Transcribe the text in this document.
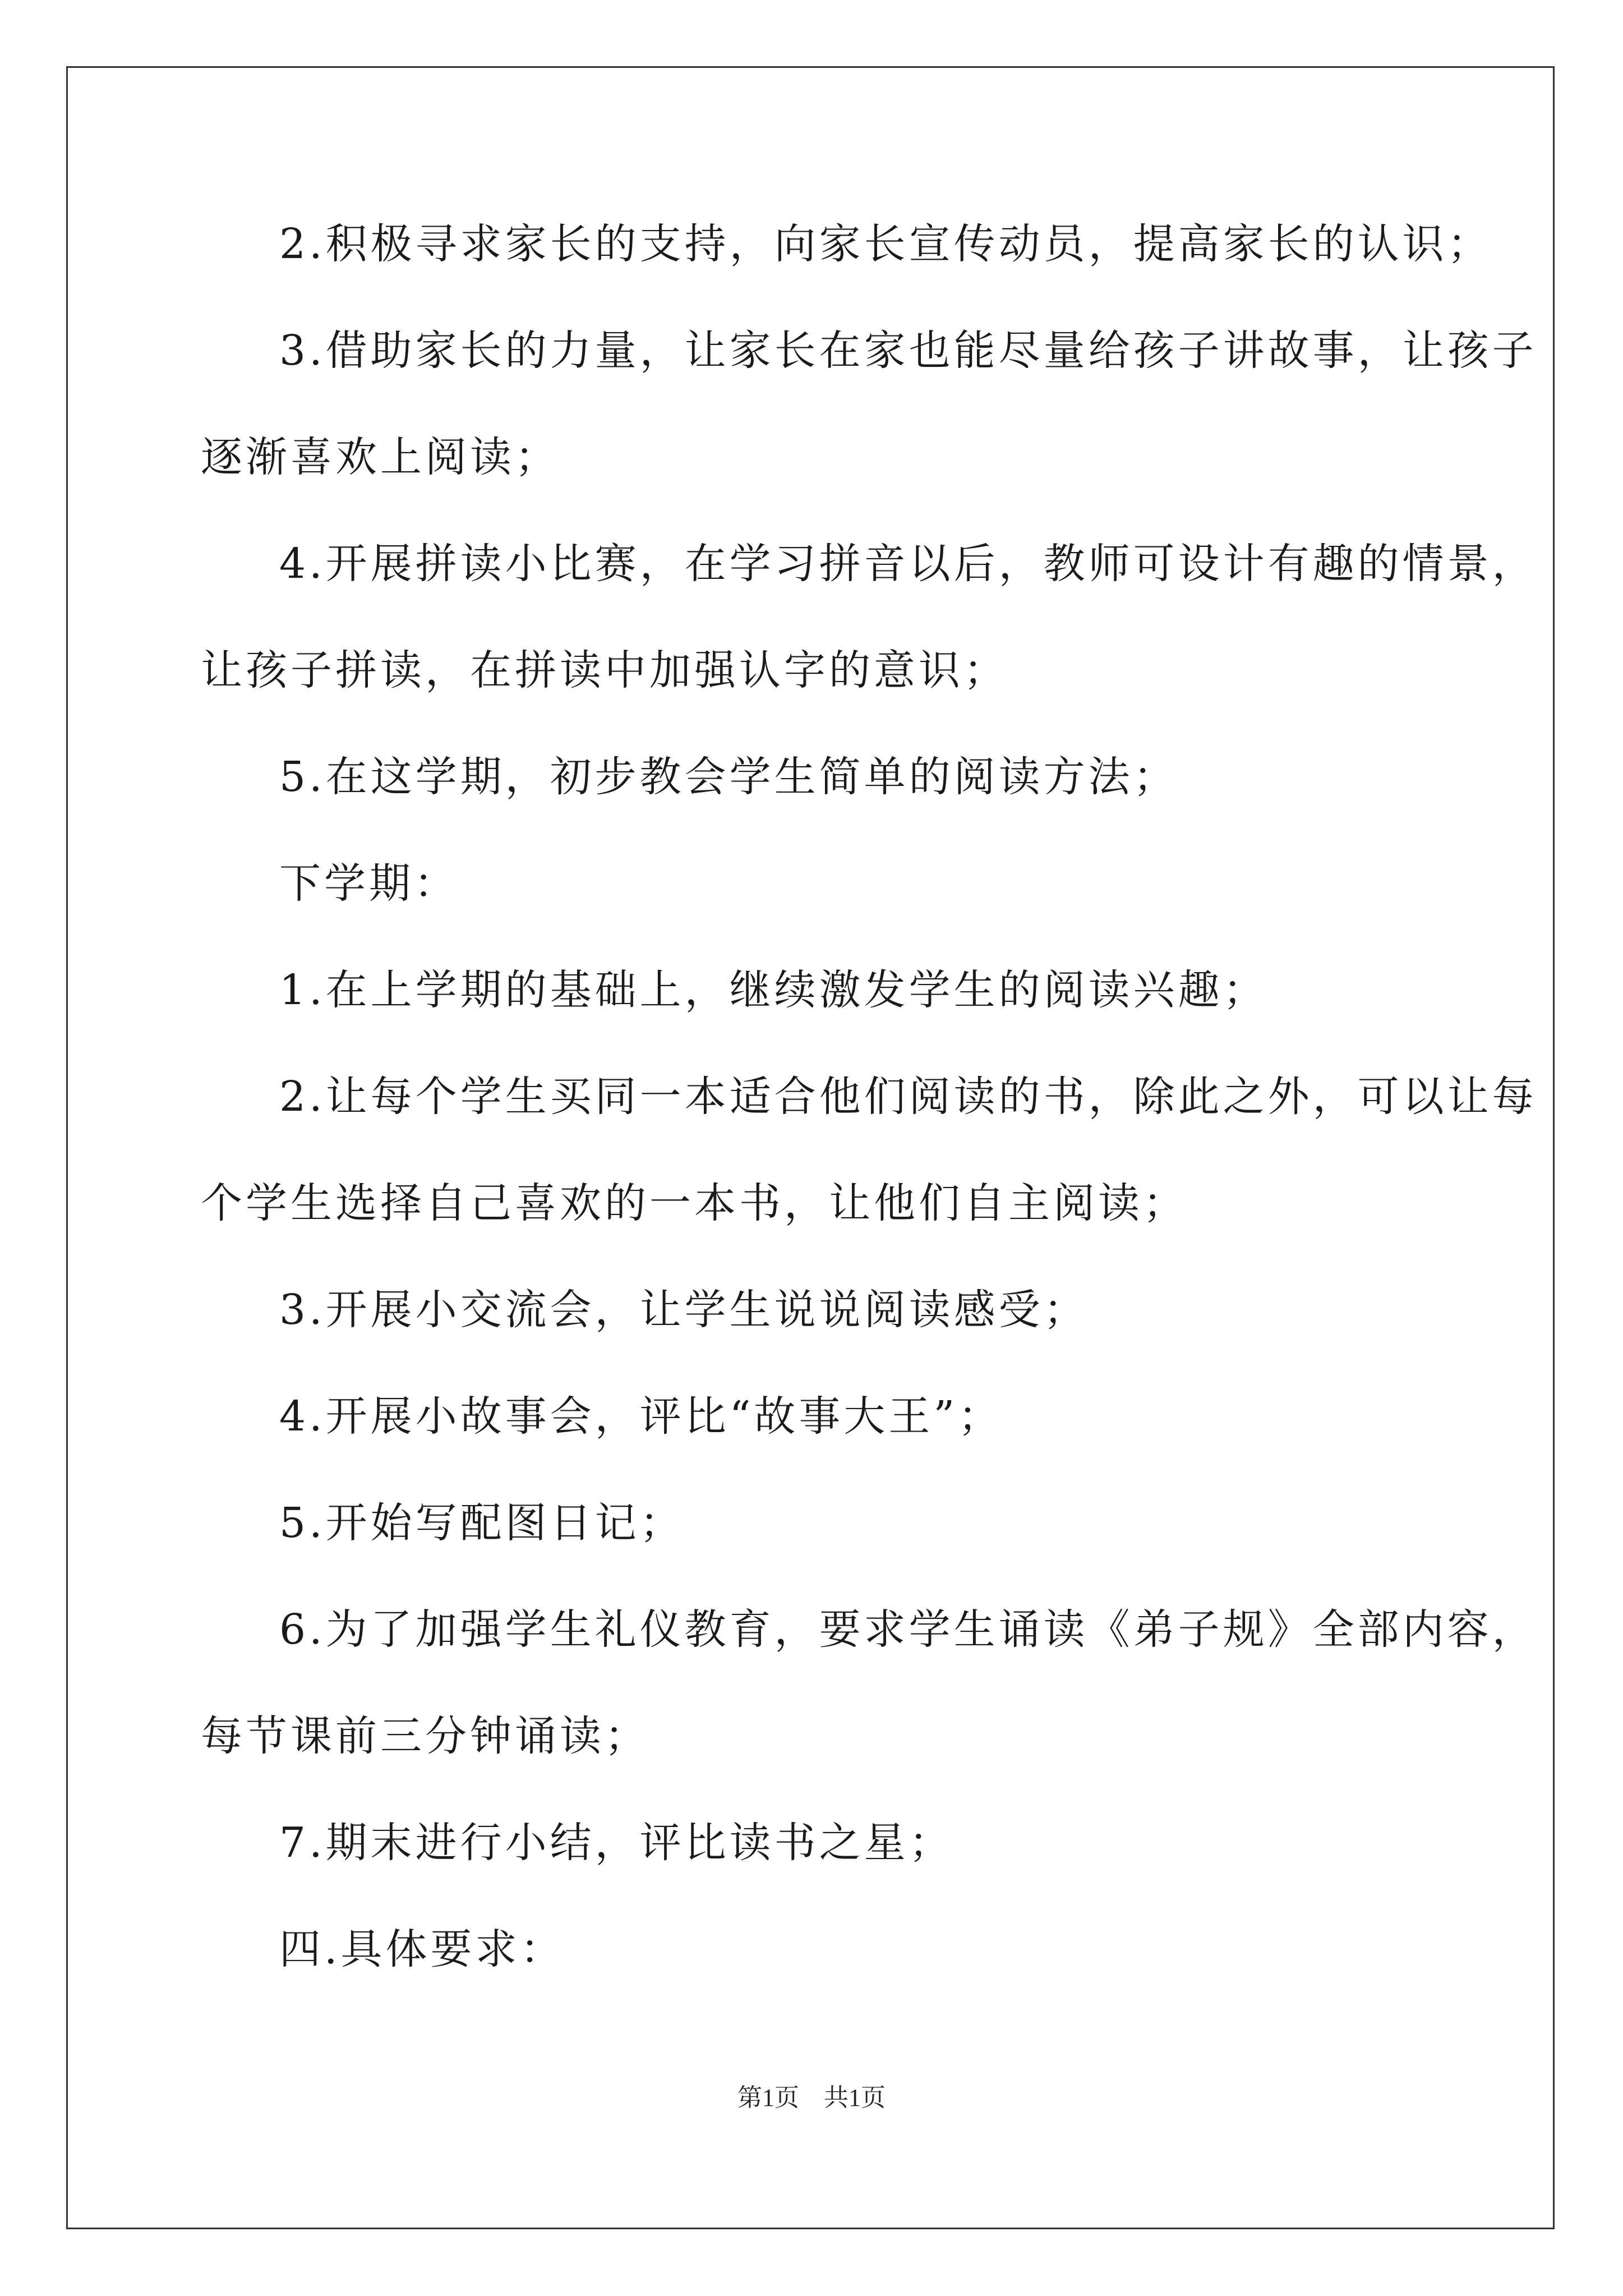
2.积极寻求家长的支持，向家长宣传动员，提高家长的认识；
3.借助家长的力量，让家长在家也能尽量给孩子讲故事，让孩子
逐渐喜欢上阅读；
4.开展拼读小比赛，在学习拼音以后，教师可设计有趣的情景，
让孩子拼读，在拼读中加强认字的意识；
5.在这学期，初步教会学生简单的阅读方法；
下学期：
1.在上学期的基础上，继续激发学生的阅读兴趣；
2.让每个学生买同一本适合他们阅读的书，除此之外，可以让每
个学生选择自己喜欢的一本书，让他们自主阅读；
3.开展小交流会，让学生说说阅读感受；
4.开展小故事会，评比“故事大王”；
5.开始写配图日记；
6.为了加强学生礼仪教育，要求学生诵读《弟子规》全部内容，
每节课前三分钟诵读；
7.期末进行小结，评比读书之星；
四.具体要求：
第1页　共1页
